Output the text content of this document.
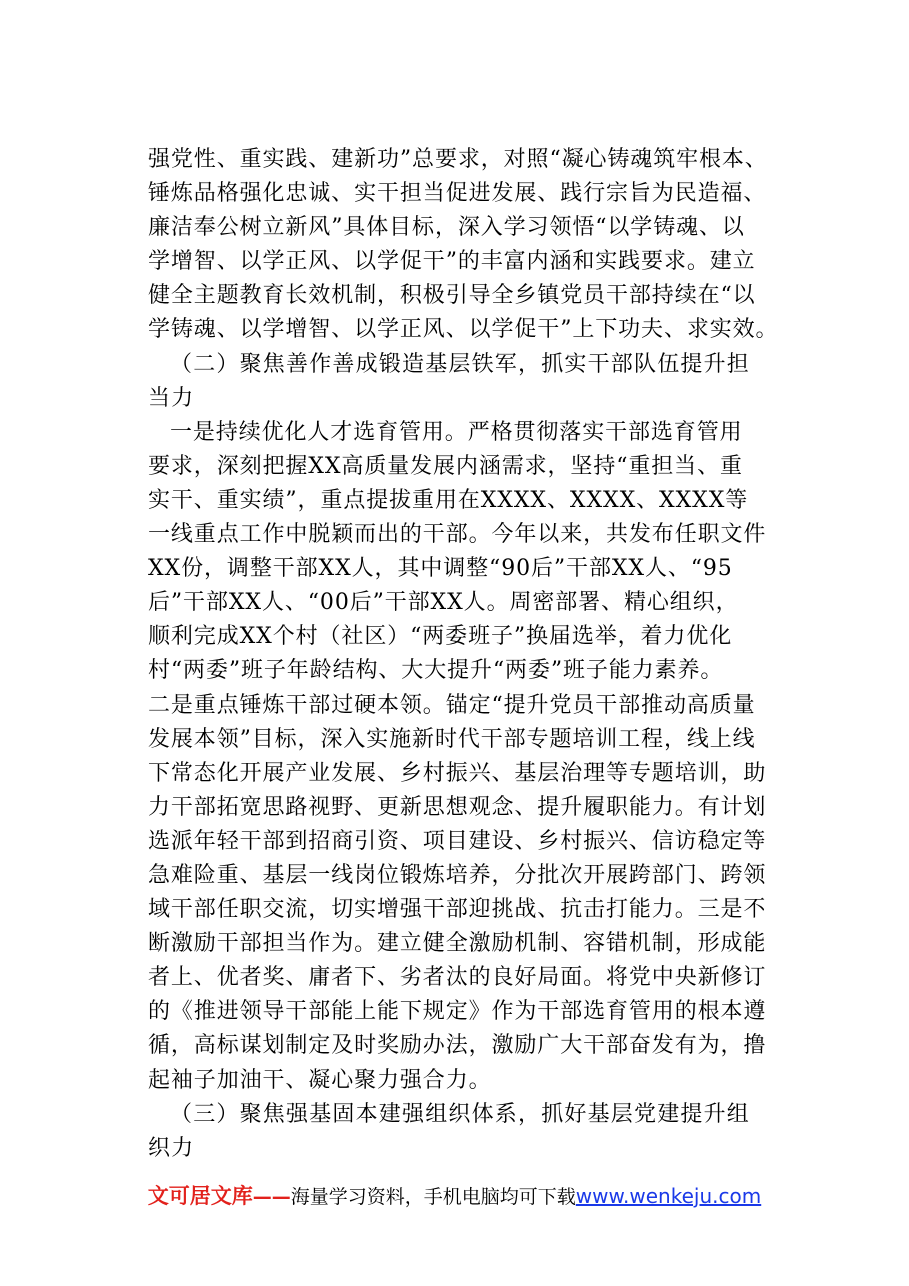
强党性、重实践、建新功”总要求，对照“凝心铸魂筑牢根本、
锤炼品格强化忠诚、实干担当促进发展、践行宗旨为民造福、
廉洁奉公树立新风”具体目标，深入学习领悟“以学铸魂、以
学增智、以学正风、以学促干”的丰富内涵和实践要求。建立
健全主题教育长效机制，积极引导全乡镇党员干部持续在“以
学铸魂、以学增智、以学正风、以学促干”上下功夫、求实效。
（二）聚焦善作善成锻造基层铁军，抓实干部队伍提升担
当力
一是持续优化人才选育管用。严格贯彻落实干部选育管用
要求，深刻把握XX高质量发展内涵需求，坚持“重担当、重
实干、重实绩”，重点提拔重用在XXXX、XXXX、XXXX等
一线重点工作中脱颖而出的干部。今年以来，共发布任职文件
XX份，调整干部XX人，其中调整“90后”干部XX人、“95
后”干部XX人、“00后”干部XX人。周密部署、精心组织，
顺利完成XX个村（社区）“两委班子”换届选举，着力优化
村“两委”班子年龄结构、大大提升“两委”班子能力素养。
二是重点锤炼干部过硬本领。锚定“提升党员干部推动高质量
发展本领”目标，深入实施新时代干部专题培训工程，线上线
下常态化开展产业发展、乡村振兴、基层治理等专题培训，助
力干部拓宽思路视野、更新思想观念、提升履职能力。有计划
选派年轻干部到招商引资、项目建设、乡村振兴、信访稳定等
急难险重、基层一线岗位锻炼培养，分批次开展跨部门、跨领
域干部任职交流，切实增强干部迎挑战、抗击打能力。三是不
断激励干部担当作为。建立健全激励机制、容错机制，形成能
者上、优者奖、庸者下、劣者汰的良好局面。将党中央新修订
的《推进领导干部能上能下规定》作为干部选育管用的根本遵
循，高标谋划制定及时奖励办法，激励广大干部奋发有为，撸
起袖子加油干、凝心聚力强合力。
（三）聚焦强基固本建强组织体系，抓好基层党建提升组
织力
文可居文库——海量学习资料，手机电脑均可下载www.wenkeju.com
